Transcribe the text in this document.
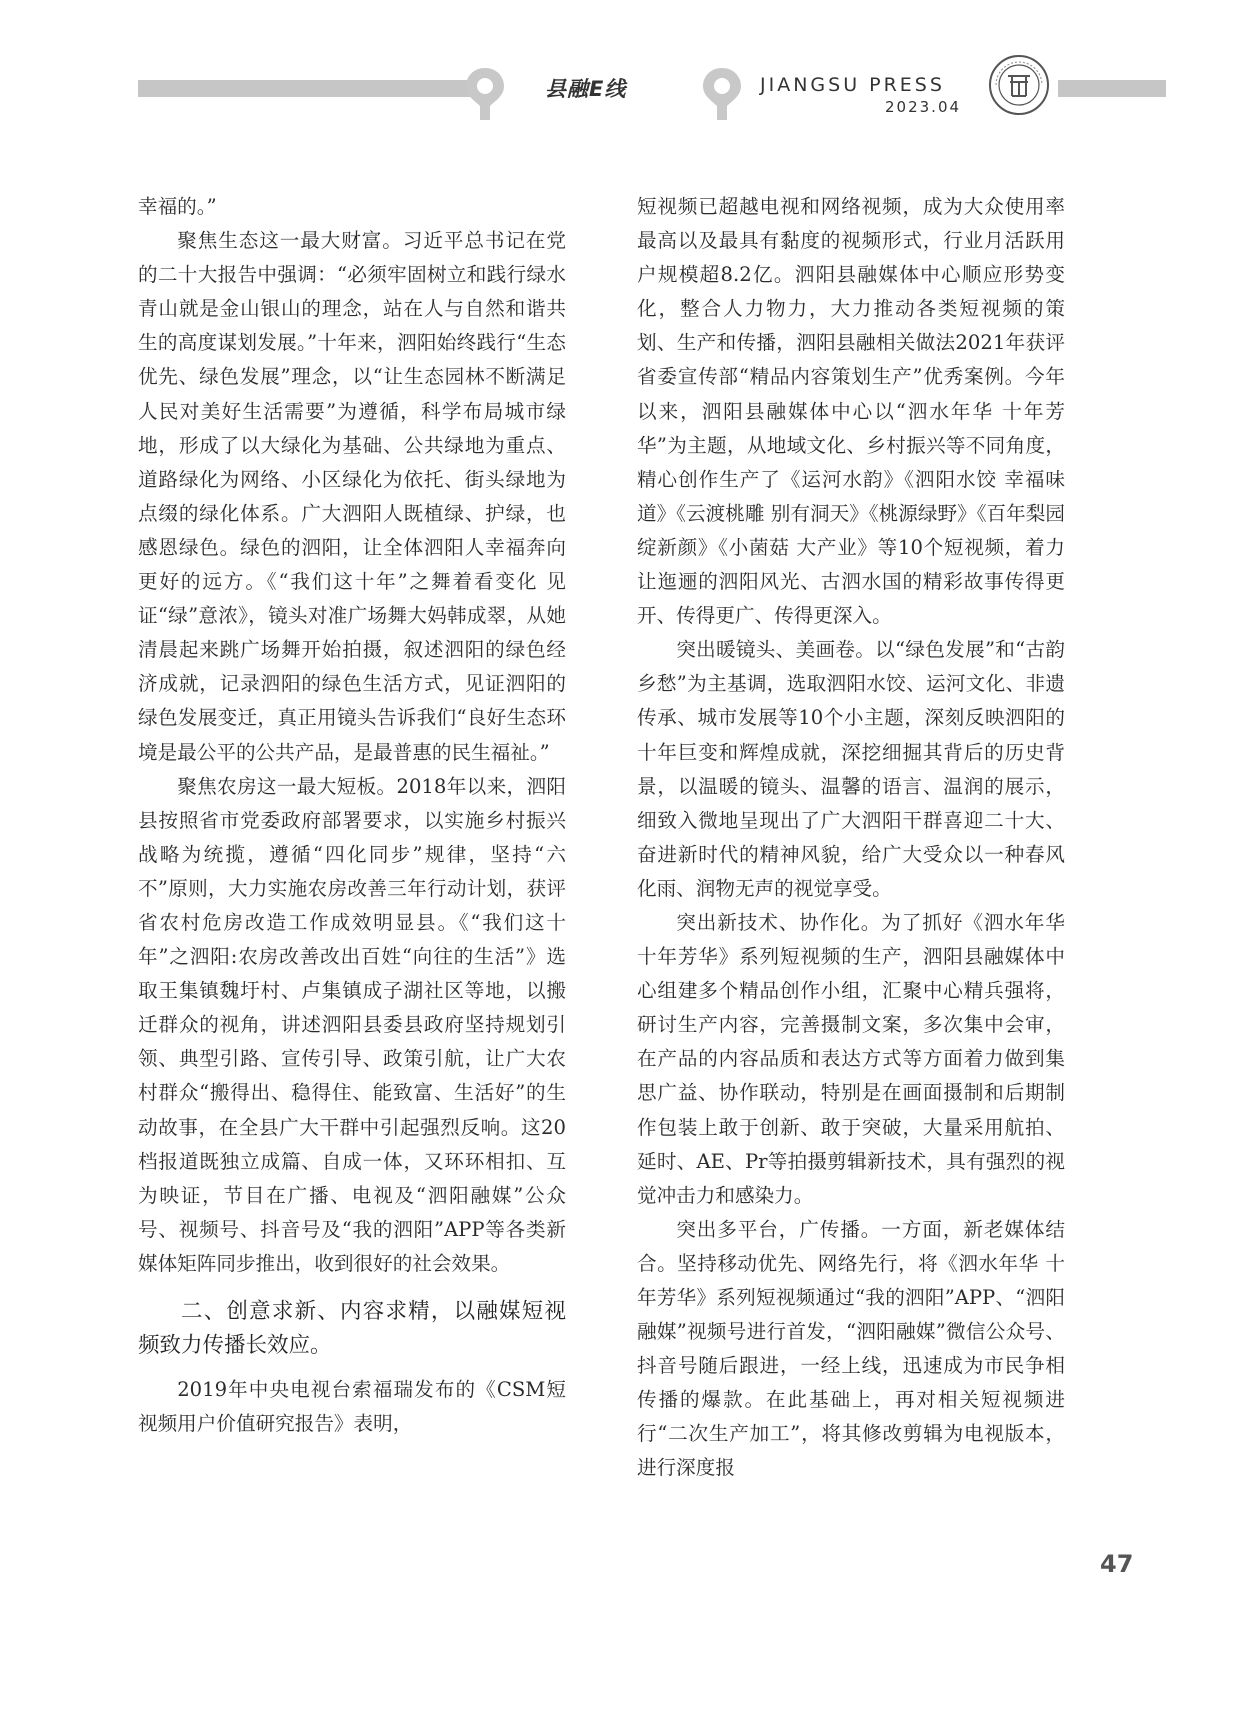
县融E线	JIANGSU PRESS
2023.04

幸福的。”

聚焦生态这一最大财富。习近平总书记在党的二十大报告中强调：“必须牢固树立和践行绿水青山就是金山银山的理念，站在人与自然和谐共生的高度谋划发展。”十年来，泗阳始终践行“生态优先、绿色发展”理念，以“让生态园林不断满足人民对美好生活需要”为遵循，科学布局城市绿地，形成了以大绿化为基础、公共绿地为重点、道路绿化为网络、小区绿化为依托、街头绿地为点缀的绿化体系。广大泗阳人既植绿、护绿，也感恩绿色。绿色的泗阳，让全体泗阳人幸福奔向更好的远方。《“我们这十年”之舞着看变化 见证“绿”意浓》，镜头对准广场舞大妈韩成翠，从她清晨起来跳广场舞开始拍摄，叙述泗阳的绿色经济成就，记录泗阳的绿色生活方式，见证泗阳的绿色发展变迁，真正用镜头告诉我们“良好生态环境是最公平的公共产品，是最普惠的民生福祉。”

聚焦农房这一最大短板。2018年以来，泗阳县按照省市党委政府部署要求，以实施乡村振兴战略为统揽，遵循“四化同步”规律，坚持“六不”原则，大力实施农房改善三年行动计划，获评省农村危房改造工作成效明显县。《“我们这十年”之泗阳:农房改善改出百姓“向往的生活”》选取王集镇魏圩村、卢集镇成子湖社区等地，以搬迁群众的视角，讲述泗阳县委县政府坚持规划引领、典型引路、宣传引导、政策引航，让广大农村群众“搬得出、稳得住、能致富、生活好”的生动故事，在全县广大干群中引起强烈反响。这20档报道既独立成篇、自成一体，又环环相扣、互为映证，节目在广播、电视及“泗阳融媒”公众号、视频号、抖音号及“我的泗阳”APP等各类新媒体矩阵同步推出，收到很好的社会效果。

二、创意求新、内容求精，以融媒短视频致力传播长效应。

2019年中央电视台索福瑞发布的《CSM短视频用户价值研究报告》表明，

短视频已超越电视和网络视频，成为大众使用率最高以及最具有黏度的视频形式，行业月活跃用户规模超8.2亿。泗阳县融媒体中心顺应形势变化，整合人力物力，大力推动各类短视频的策划、生产和传播，泗阳县融相关做法2021年获评省委宣传部“精品内容策划生产”优秀案例。今年以来，泗阳县融媒体中心以“泗水年华 十年芳华”为主题，从地域文化、乡村振兴等不同角度，精心创作生产了《运河水韵》《泗阳水饺 幸福味道》《云渡桃雕 别有洞天》《桃源绿野》《百年梨园绽新颜》《小菌菇 大产业》等10个短视频，着力让迤逦的泗阳风光、古泗水国的精彩故事传得更开、传得更广、传得更深入。

突出暖镜头、美画卷。以“绿色发展”和“古韵乡愁”为主基调，选取泗阳水饺、运河文化、非遗传承、城市发展等10个小主题，深刻反映泗阳的十年巨变和辉煌成就，深挖细掘其背后的历史背景，以温暖的镜头、温馨的语言、温润的展示，细致入微地呈现出了广大泗阳干群喜迎二十大、奋进新时代的精神风貌，给广大受众以一种春风化雨、润物无声的视觉享受。

突出新技术、协作化。为了抓好《泗水年华 十年芳华》系列短视频的生产，泗阳县融媒体中心组建多个精品创作小组，汇聚中心精兵强将，研讨生产内容，完善摄制文案，多次集中会审，在产品的内容品质和表达方式等方面着力做到集思广益、协作联动，特别是在画面摄制和后期制作包装上敢于创新、敢于突破，大量采用航拍、延时、AE、Pr等拍摄剪辑新技术，具有强烈的视觉冲击力和感染力。

突出多平台，广传播。一方面，新老媒体结合。坚持移动优先、网络先行，将《泗水年华 十年芳华》系列短视频通过“我的泗阳”APP、“泗阳融媒”视频号进行首发，“泗阳融媒”微信公众号、抖音号随后跟进，一经上线，迅速成为市民争相传播的爆款。在此基础上，再对相关短视频进行“二次生产加工”，将其修改剪辑为电视版本，进行深度报

47
